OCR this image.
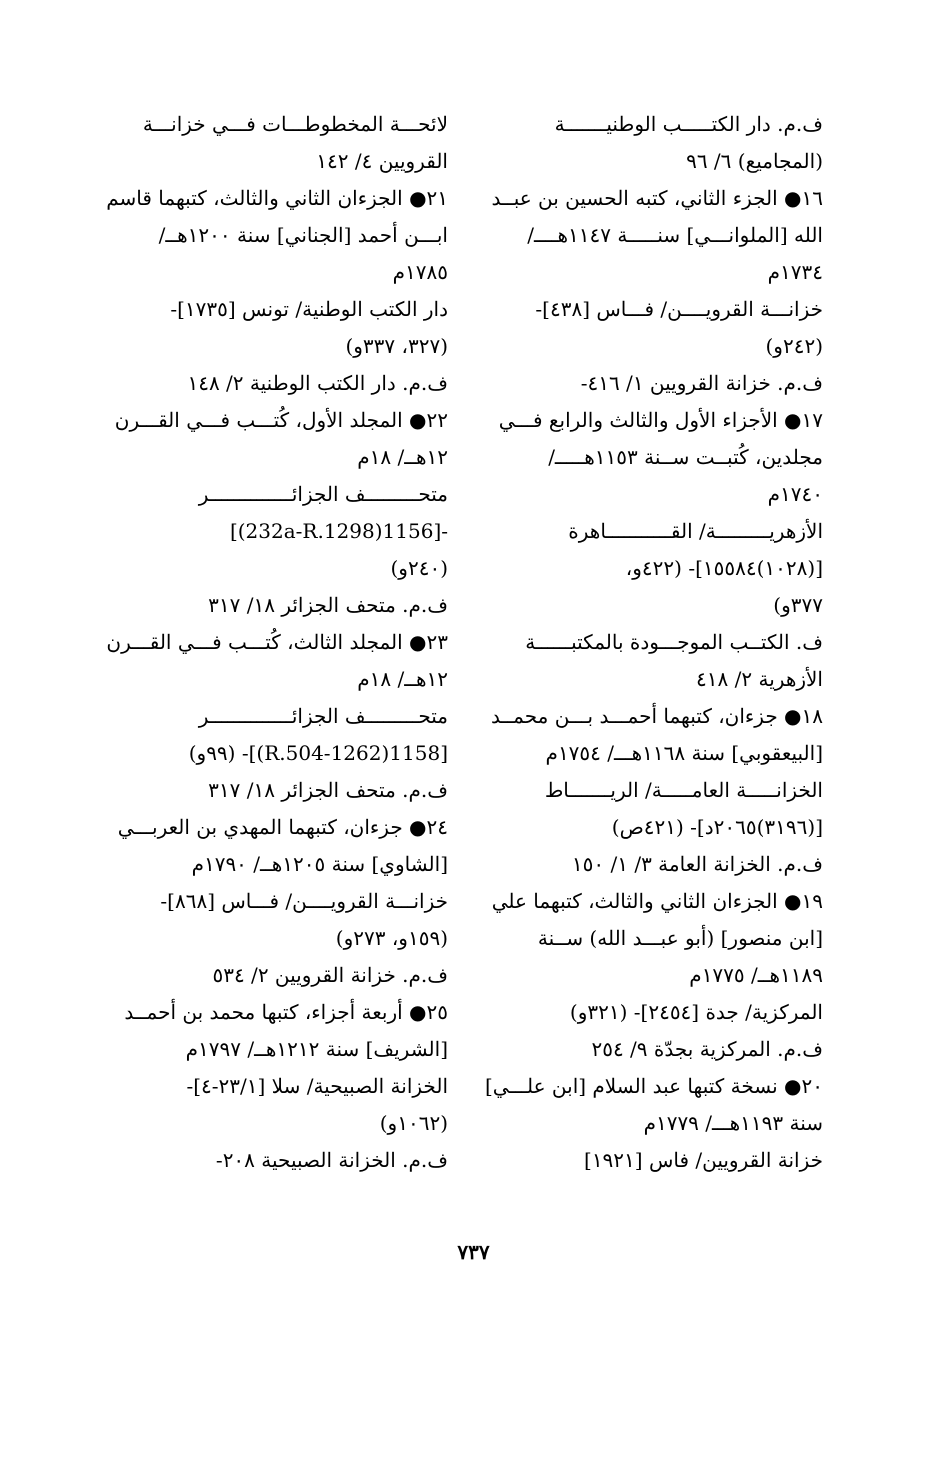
ف.م. دار الكتـــــب الوطنيـــــــة
(المجاميع) ٦/ ٩٦
١٦● الجزء الثاني، كتبه الحسين بن عبــد
الله [الملوانـــي] سنـــــة ١١٤٧هــــ/
١٧٣٤م
خزانـــة القرويــــن/ فـــاس [٤٣٨]-
(٢٤٢و)
ف.م. خزانة القرويين ١/ ٤١٦-
١٧● الأجزاء الأول والثالث والرابع فـــي
مجلدين، كُتبــت ســنة ١١٥٣هـــــ/
١٧٤٠م
الأزهريـــــــــة/ القـــــــــــاهرة
[(١٠٢٨)١٥٥٨٤]- (٤٢٢و،
٣٧٧و)
ف. الكتــب الموجـــودة بالمكتبــــــة
الأزهرية ٢/ ٤١٨
١٨● جزءان، كتبهما أحمـــد بـــن محمــد
[البيعقوبي] سنة ١١٦٨هـــ/ ١٧٥٤م
الخزانـــــة العامـــــة/ الريـــــــاط
[(٣١٩٦)٢٠٦٥د]- (٤٢١ص)
ف.م. الخزانة العامة ٣/ ١/ ١٥٠
١٩● الجزءان الثاني والثالث، كتبهما علي
[ابن منصور] (أبو عبـــد الله) ســنة
١١٨٩هــ/ ١٧٧٥م
المركزية/ جدة [٢٤٥٤]- (٣٢١و)
ف.م. المركزية بجدّة ٩/ ٢٥٤
٢٠● نسخة كتبها عبد السلام [ابن علـــي]
سنة ١١٩٣هـــ/ ١٧٧٩م
خزانة القرويين/ فاس [١٩٢١]
لائحـــة المخطوطـــات فـــي خزانـــة
القرويين ٤/ ١٤٢
٢١● الجزءان الثاني والثالث، كتبهما قاسم
ابـــن أحمد [الجناني] سنة ١٢٠٠هــ/
١٧٨٥م
دار الكتب الوطنية/ تونس [١٧٣٥]-
(٣٢٧، ٣٣٧و)
ف.م. دار الكتب الوطنية ٢/ ١٤٨
٢٢● المجلد الأول، كُتـــب فـــي القـــرن
١٢هــ/ ١٨م
متحـــــــــف الجزائــــــــــــــر
-[1156(232a-R.1298)]
(٢٤٠و)
ف.م. متحف الجزائر ١٨/ ٣١٧
٢٣● المجلد الثالث، كُتـــب فـــي القـــرن
١٢هــ/ ١٨م
متحـــــــــف الجزائــــــــــــــر
[1158(1262-R.504)]- (٩٩و)
ف.م. متحف الجزائر ١٨/ ٣١٧
٢٤● جزءان، كتبهما المهدي بن العربـــي
[الشاوي] سنة ١٢٠٥هــ/ ١٧٩٠م
خزانـــة القرويــــن/ فـــاس [٨٦٨]-
(١٥٩و، ٢٧٣و)
ف.م. خزانة القرويين ٢/ ٥٣٤
٢٥● أربعة أجزاء، كتبها محمد بن أحمــد
[الشريف] سنة ١٢١٢هــ/ ١٧٩٧م
الخزانة الصبيحية/ سلا [٢٣/١-٤]-
(١٠٦٢و)
ف.م. الخزانة الصبيحية ٢٠٨-
٧٣٧
